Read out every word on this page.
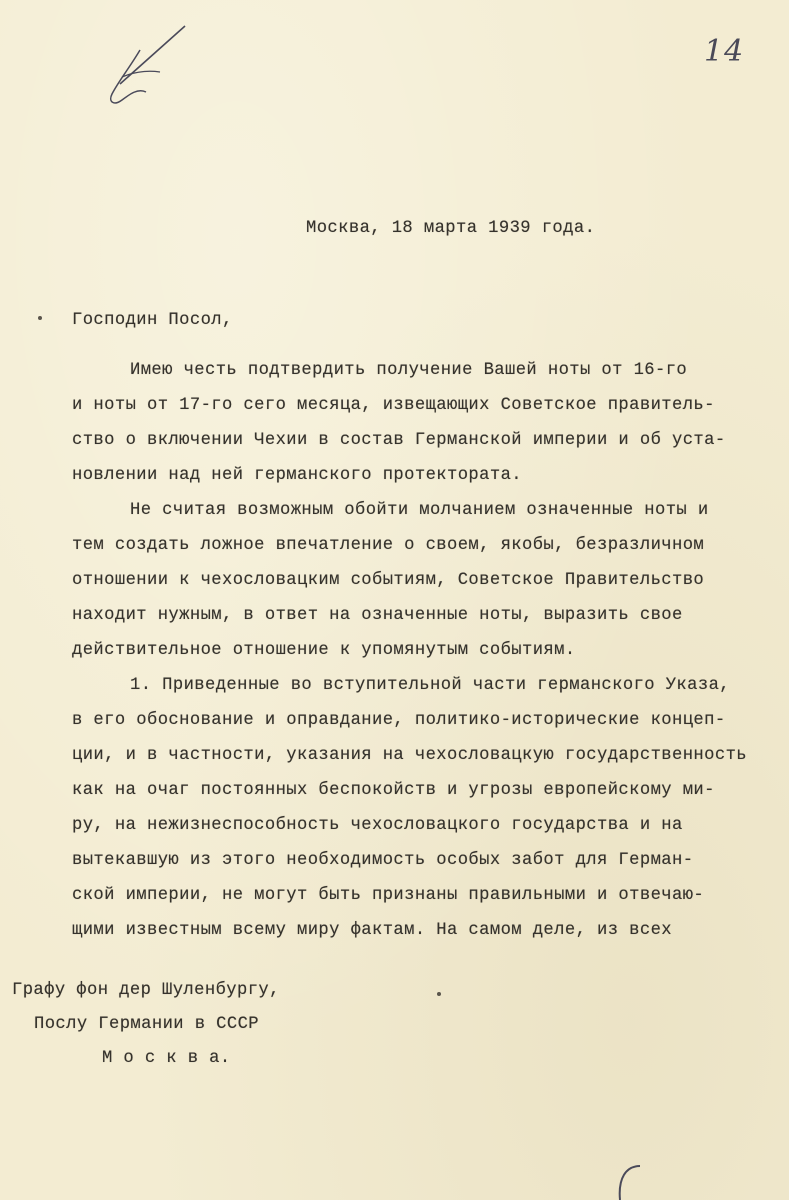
14
Москва, 18 марта 1939 года.
Господин Посол,
Имею честь подтвердить получение Вашей ноты от 16-го
и ноты от 17-го сего месяца, извещающих Советское правитель-
ство о включении Чехии в состав Германской империи и об уста-
новлении над ней германского протектората.
Не считая возможным обойти молчанием означенные ноты и
тем создать ложное впечатление о своем, якобы, безразличном
отношении к чехословацким событиям, Советское Правительство
находит нужным, в ответ на означенные ноты, выразить свое
действительное отношение к упомянутым событиям.
1. Приведенные во вступительной части германского Указа,
в его обоснование и оправдание, политико-исторические концеп-
ции, и в частности, указания на чехословацкую государственность
как на очаг постоянных беспокойств и угрозы европейскому ми-
ру, на нежизнеспособность чехословацкого государства и на
вытекавшую из этого необходимость особых забот для Герман-
ской империи, не могут быть признаны правильными и отвечаю-
щими известным всему миру фактам. На самом деле, из всех
Графу фон дер Шуленбургу,
Послу Германии в СССР
М о с к в а.
